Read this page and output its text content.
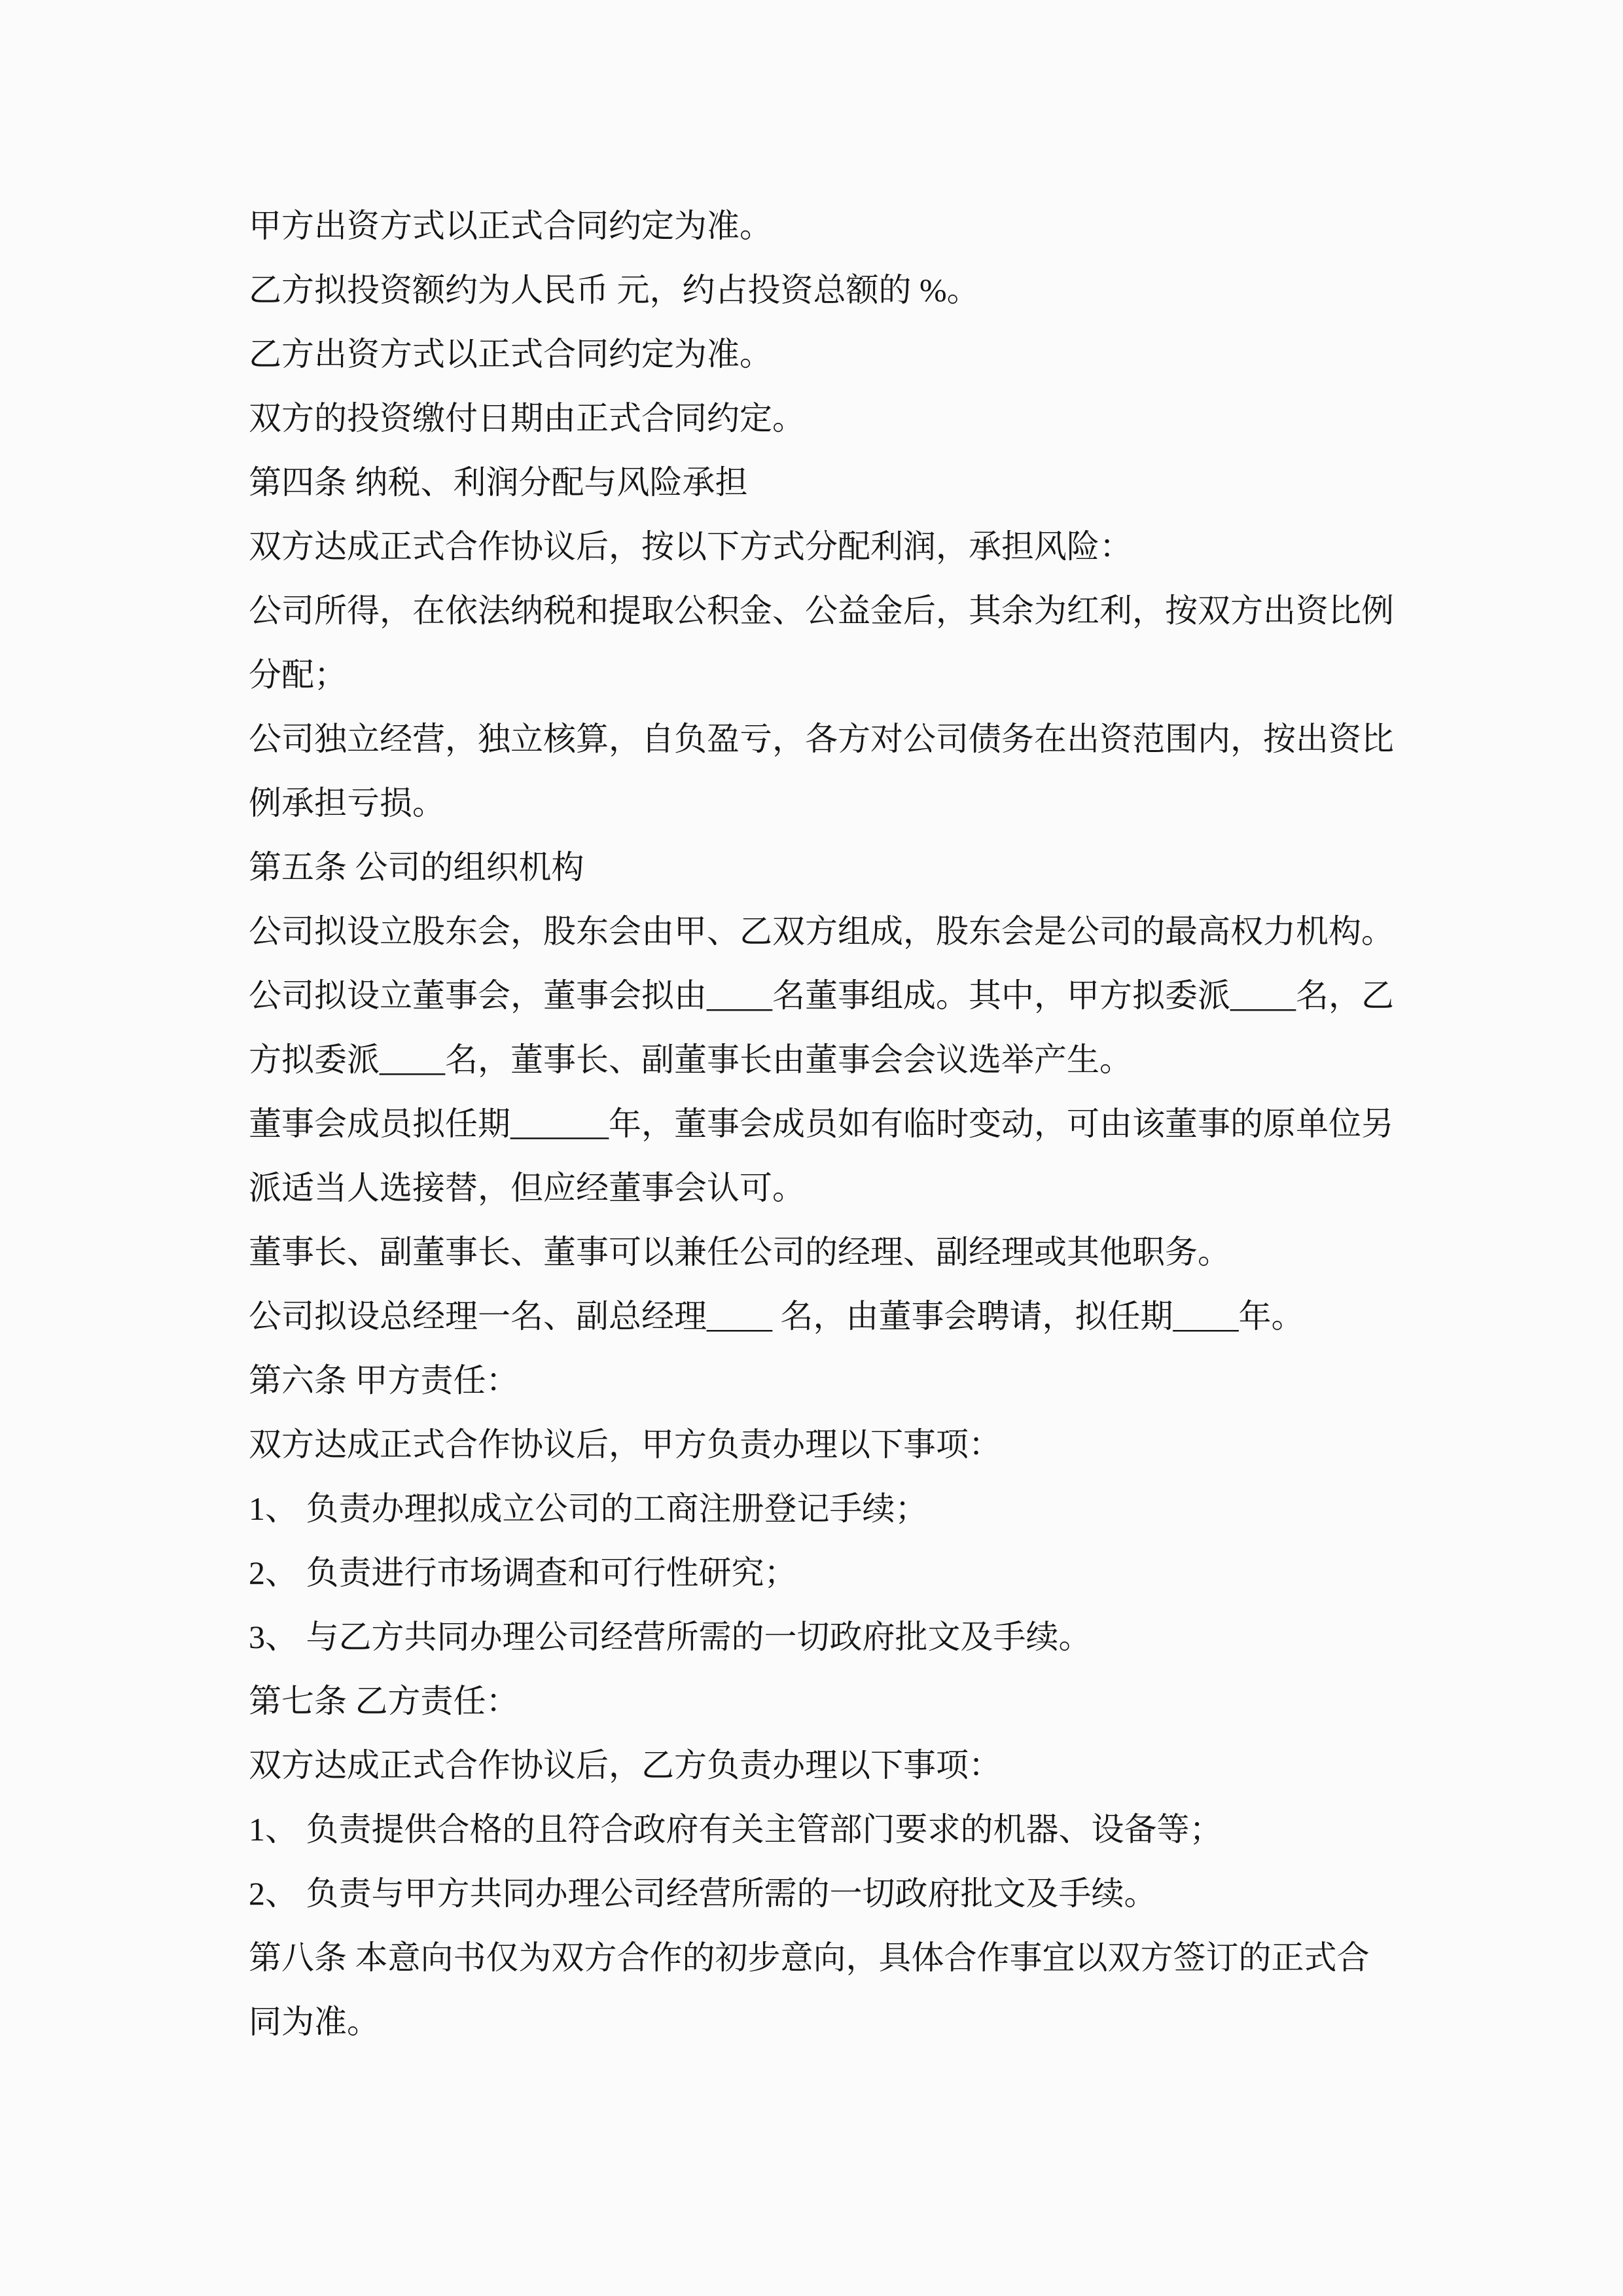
甲方出资方式以正式合同约定为准。
乙方拟投资额约为人民币 元，约占投资总额的 %。
乙方出资方式以正式合同约定为准。
双方的投资缴付日期由正式合同约定。
第四条 纳税、利润分配与风险承担
双方达成正式合作协议后，按以下方式分配利润，承担风险：
公司所得，在依法纳税和提取公积金、公益金后，其余为红利，按双方出资比例
分配；
公司独立经营，独立核算，自负盈亏，各方对公司债务在出资范围内，按出资比
例承担亏损。
第五条 公司的组织机构
公司拟设立股东会，股东会由甲、乙双方组成，股东会是公司的最高权力机构。
公司拟设立董事会，董事会拟由____名董事组成。其中，甲方拟委派____名，乙
方拟委派____名，董事长、副董事长由董事会会议选举产生。
董事会成员拟任期______年，董事会成员如有临时变动，可由该董事的原单位另
派适当人选接替，但应经董事会认可。
董事长、副董事长、董事可以兼任公司的经理、副经理或其他职务。
公司拟设总经理一名、副总经理____ 名，由董事会聘请，拟任期____年。
第六条 甲方责任：
双方达成正式合作协议后，甲方负责办理以下事项：
1、 负责办理拟成立公司的工商注册登记手续；
2、 负责进行市场调查和可行性研究；
3、 与乙方共同办理公司经营所需的一切政府批文及手续。
第七条 乙方责任：
双方达成正式合作协议后，乙方负责办理以下事项：
1、 负责提供合格的且符合政府有关主管部门要求的机器、设备等；
2、 负责与甲方共同办理公司经营所需的一切政府批文及手续。
第八条 本意向书仅为双方合作的初步意向，具体合作事宜以双方签订的正式合
同为准。
